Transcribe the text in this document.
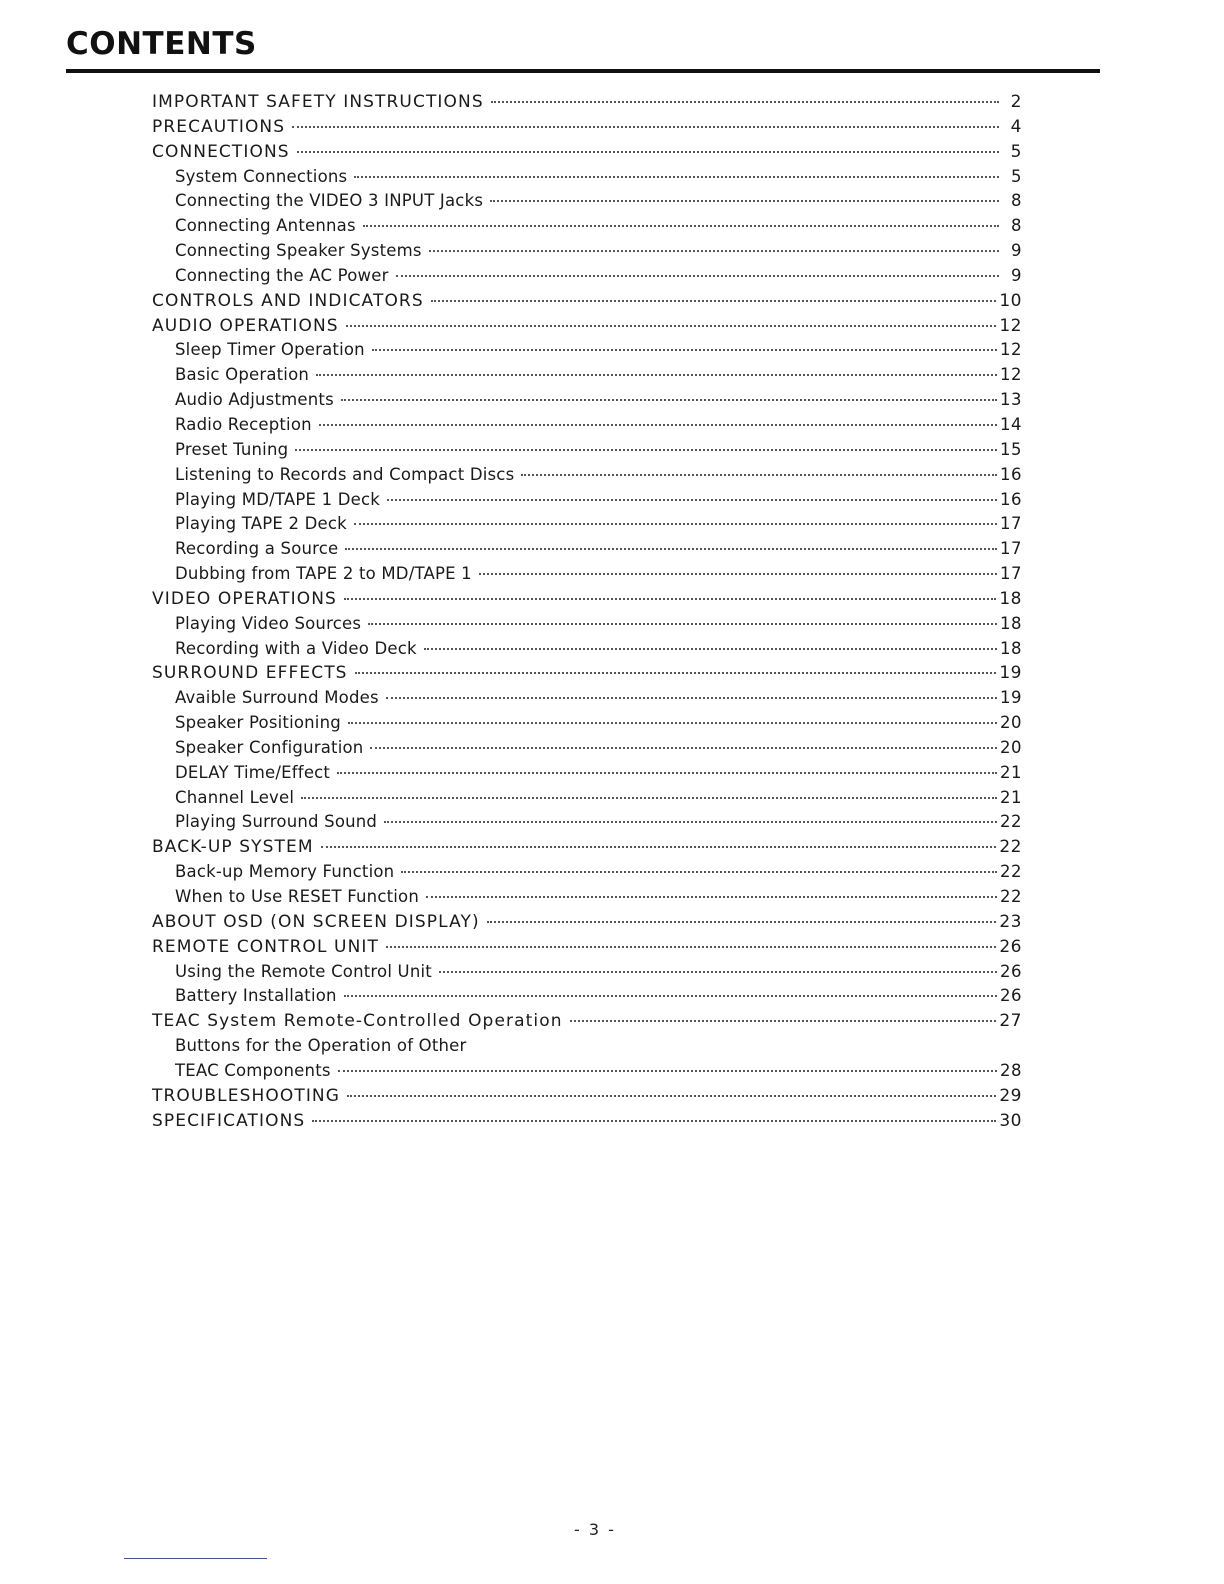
CONTENTS
IMPORTANT SAFETY INSTRUCTIONS	2
PRECAUTIONS	4
CONNECTIONS	5
System Connections	5
Connecting the VIDEO 3 INPUT Jacks	8
Connecting Antennas	8
Connecting Speaker Systems	9
Connecting the AC Power	9
CONTROLS AND INDICATORS	10
AUDIO OPERATIONS	12
Sleep Timer Operation	12
Basic Operation	12
Audio Adjustments	13
Radio Reception	14
Preset Tuning	15
Listening to Records and Compact Discs	16
Playing MD/TAPE 1 Deck	16
Playing TAPE 2 Deck	17
Recording a Source	17
Dubbing from TAPE 2 to MD/TAPE 1	17
VIDEO OPERATIONS	18
Playing Video Sources	18
Recording with a Video Deck	18
SURROUND EFFECTS	19
Avaible Surround Modes	19
Speaker Positioning	20
Speaker Configuration	20
DELAY Time/Effect	21
Channel Level	21
Playing Surround Sound	22
BACK-UP SYSTEM	22
Back-up Memory Function	22
When to Use RESET Function	22
ABOUT OSD (ON SCREEN DISPLAY)	23
REMOTE CONTROL UNIT	26
Using the Remote Control Unit	26
Battery Installation	26
TEAC System Remote-Controlled Operation	27
Buttons for the Operation of Other
TEAC Components	28
TROUBLESHOOTING	29
SPECIFICATIONS	30
- 3 -
